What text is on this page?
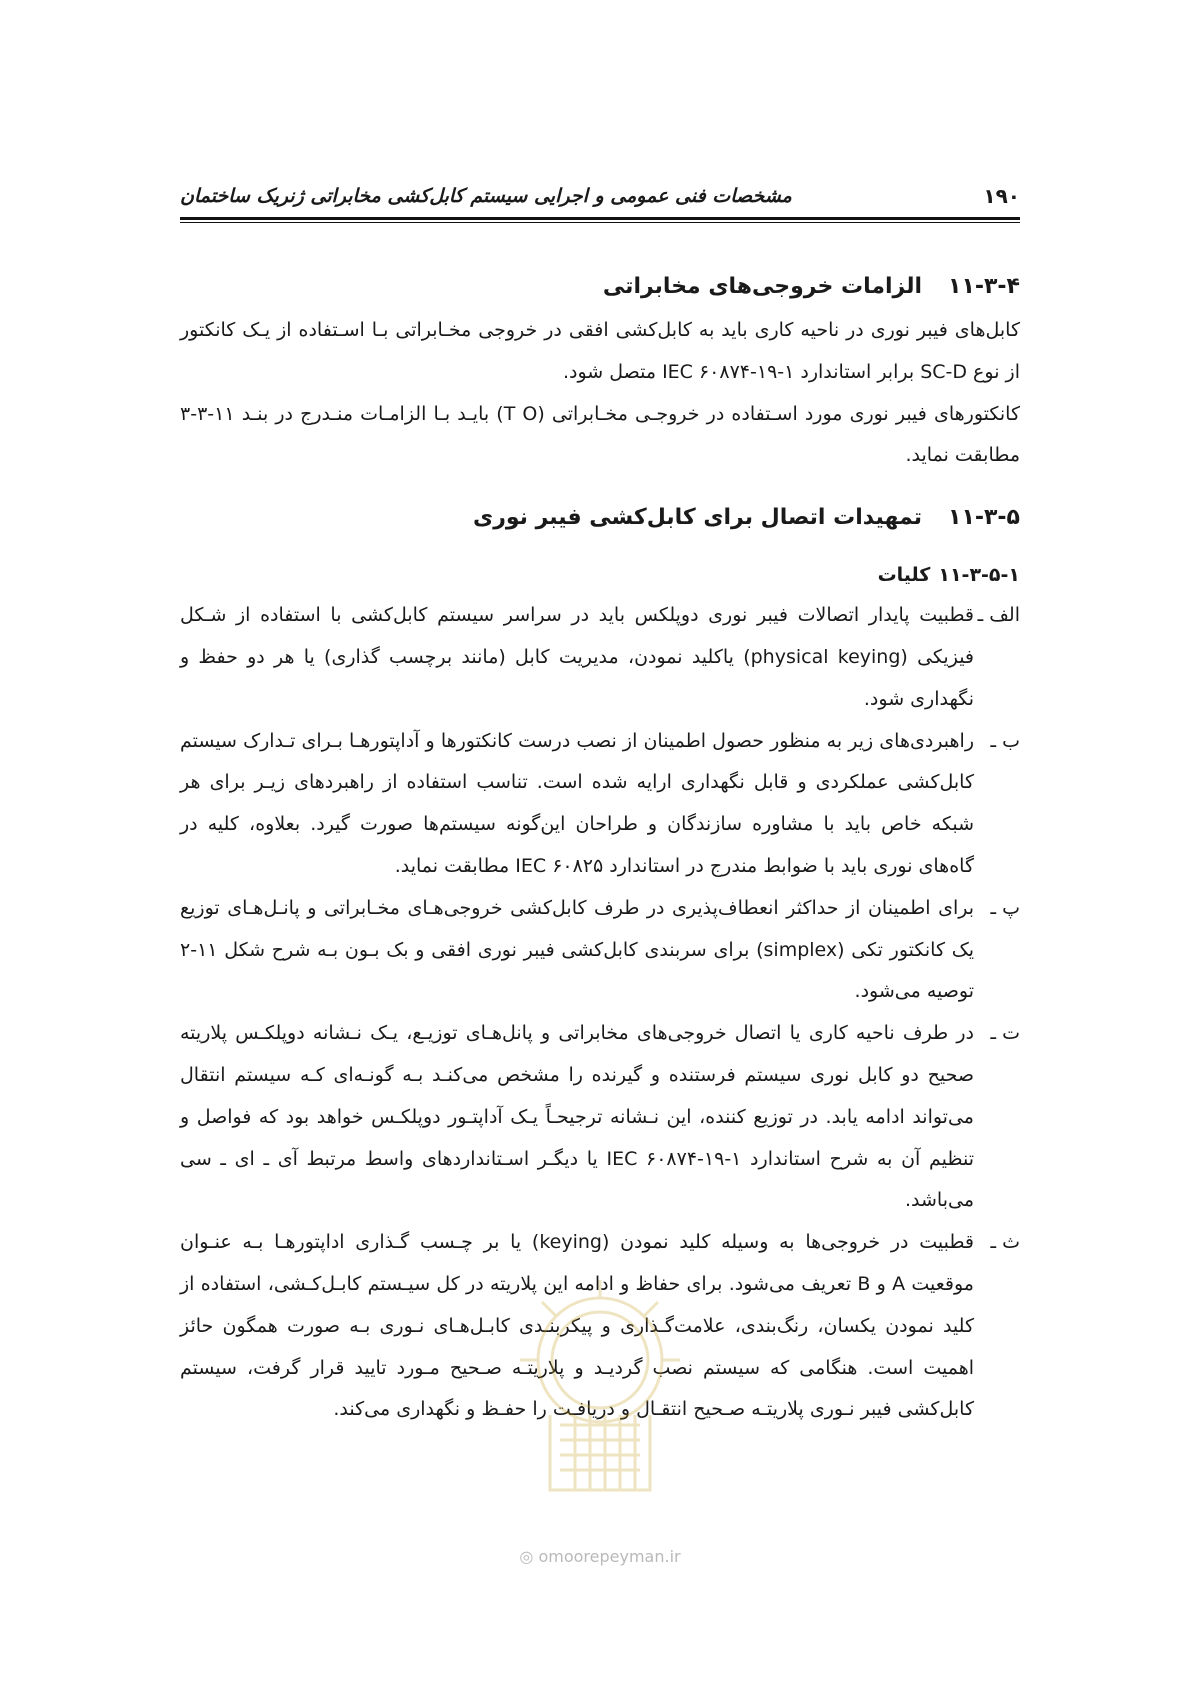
۱۹۰
مشخصات فنی عمومی و اجرایی سیستم کابل‌کشی مخابراتی ژنریک ساختمان
۱۱-۳-۴
الزامات خروجی‌های مخابراتی

کابل‌های فیبر نوری در ناحیه کاری باید به کابل‌کشی افقی در خروجی مخـابراتی بـا اسـتفاده از یـک کانکتور از نوع SC-D برابر استاندارد IEC ۶۰۸۷۴-۱۹-۱ متصل شود.

کانکتورهای فیبر نوری مورد اسـتفاده در خروجـی مخـابراتی (T O) بایـد بـا الزامـات منـدرج در بنـد ۱۱-۳-۳ مطابقت نماید.

۱۱-۳-۵
تمهیدات اتصال برای کابل‌کشی فیبر نوری
۱۱-۳-۵-۱
کلیات
الف ـ
قطبیت پایدار اتصالات فیبر نوری دوپلکس باید در سراسر سیستم کابل‌کشی با استفاده از شـکل فیزیکی (physical keying) یاکلید نمودن، مدیریت کابل (مانند برچسب گذاری) یا هر دو حفظ و نگهداری شود.
ب ـ
راهبردی‌های زیر به منظور حصول اطمینان از نصب درست کانکتورها و آداپتورهـا بـرای تـدارک سیستم کابل‌کشی عملکردی و قابل نگهداری ارایه شده است. تناسب استفاده از راهبردهای زیـر برای هر شبکه خاص باید با مشاوره سازندگان و طراحان این‌گونه سیستم‌ها صورت گیرد. بعلاوه، کلیه در گاه‌های نوری باید با ضوابط مندرج در استاندارد IEC ۶۰۸۲۵ مطابقت نماید.
پ ـ
برای اطمینان از حداکثر انعطاف‌پذیری در طرف کابل‌کشی خروجی‌هـای مخـابراتی و پانـل‌هـای توزیع یک کانکتور تکی (simplex) برای سربندی کابل‌کشی فیبر نوری افقی و بک بـون بـه شرح شکل ۱۱-۲ توصیه می‌شود.
ت ـ
در طرف ناحیه کاری یا اتصال خروجی‌های مخابراتی و پانل‌هـای توزیـع، یـک نـشانه دوپلکـس پلاریته صحیح دو کابل نوری سیستم فرستنده و گیرنده را مشخص می‌کنـد بـه گونـه‌ای کـه سیستم انتقال می‌تواند ادامه یابد. در توزیع کننده، این نـشانه ترجیحـاً یـک آداپتـور دوپلکـس خواهد بود که فواصل و تنظیم آن به شرح استاندارد IEC ۶۰۸۷۴-۱۹-۱ یا دیگـر اسـتانداردهای واسط مرتبط آی ـ ای ـ سی می‌باشد.
ث ـ
قطبیت در خروجی‌ها به وسیله کلید نمودن (keying) یا بر چـسب گـذاری اداپتورهـا بـه عنـوان موقعیت A و B تعریف می‌شود. برای حفاظ و ادامه این پلاریته در کل سیـستم کابـل‌کـشی، استفاده از کلید نمودن یکسان، رنگ‌بندی، علامت‌گـذاری و پیکربنـدی کابـل‌هـای نـوری بـه صورت همگون حائز اهمیت است. هنگامی که سیستم نصب گردیـد و پلاریتـه صـحیح مـورد تایید قرار گرفت، سیستم کابل‌کشی فیبر نـوری پلاریتـه صـحیح انتقـال و دریافـت را حفـظ و نگهداری می‌کند.
◎ omoorepeyman.ir
